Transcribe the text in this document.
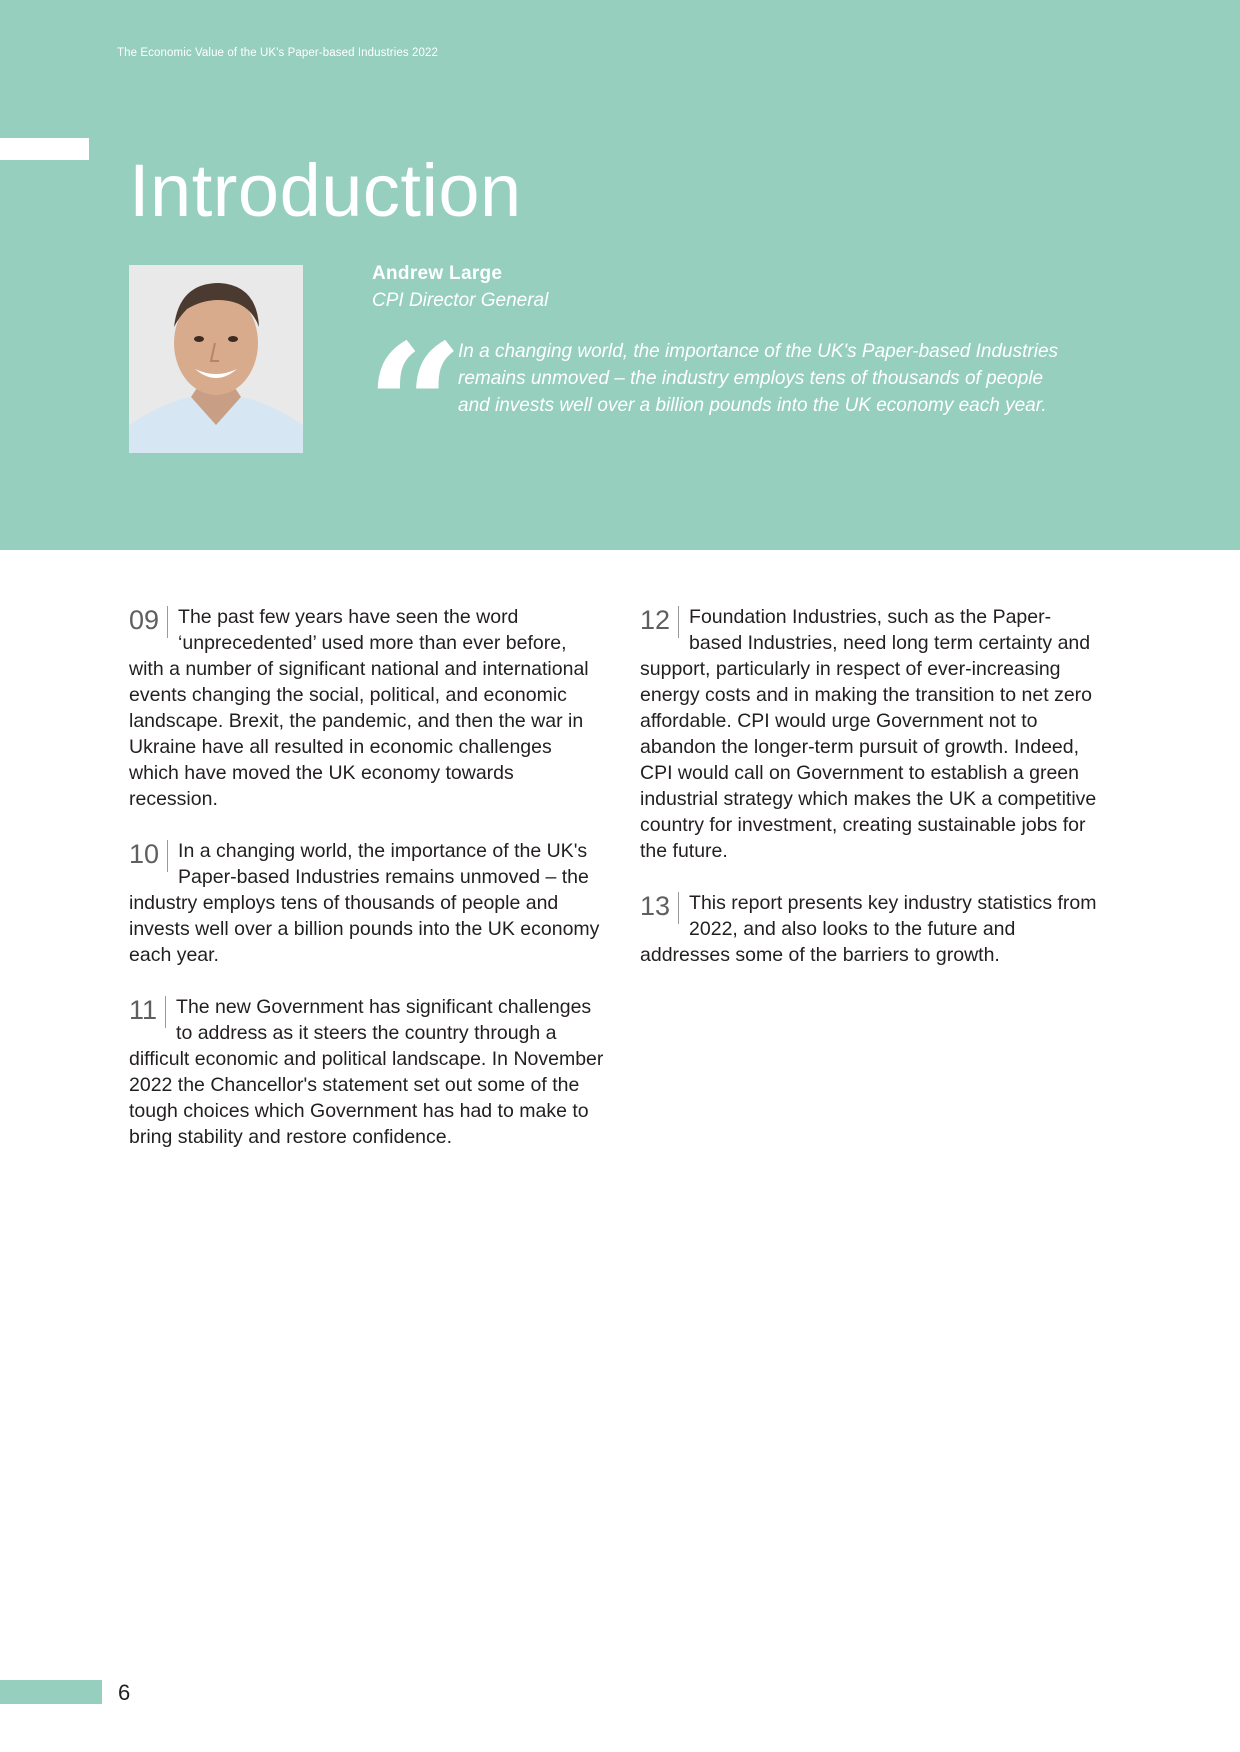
The Economic Value of the UK's Paper-based Industries 2022
Introduction
Andrew Large
CPI Director General
“
In a changing world, the importance of the UK's Paper-based Industries remains unmoved – the industry employs tens of thousands of people and invests well over a billion pounds into the UK economy each year.

09 The past few years have seen the word ‘unprecedented’ used more than ever before, with a number of significant national and international events changing the social, political, and economic landscape. Brexit, the pandemic, and then the war in Ukraine have all resulted in economic challenges which have moved the UK economy towards recession.

10 In a changing world, the importance of the UK's Paper-based Industries remains unmoved – the industry employs tens of thousands of people and invests well over a billion pounds into the UK economy each year.

11 The new Government has significant challenges to address as it steers the country through a difficult economic and political landscape. In November 2022 the Chancellor's statement set out some of the tough choices which Government has had to make to bring stability and restore confidence.

12 Foundation Industries, such as the Paper-based Industries, need long term certainty and support, particularly in respect of ever-increasing energy costs and in making the transition to net zero affordable. CPI would urge Government not to abandon the longer-term pursuit of growth. Indeed, CPI would call on Government to establish a green industrial strategy which makes the UK a competitive country for investment, creating sustainable jobs for the future.

13 This report presents key industry statistics from 2022, and also looks to the future and addresses some of the barriers to growth.

6
